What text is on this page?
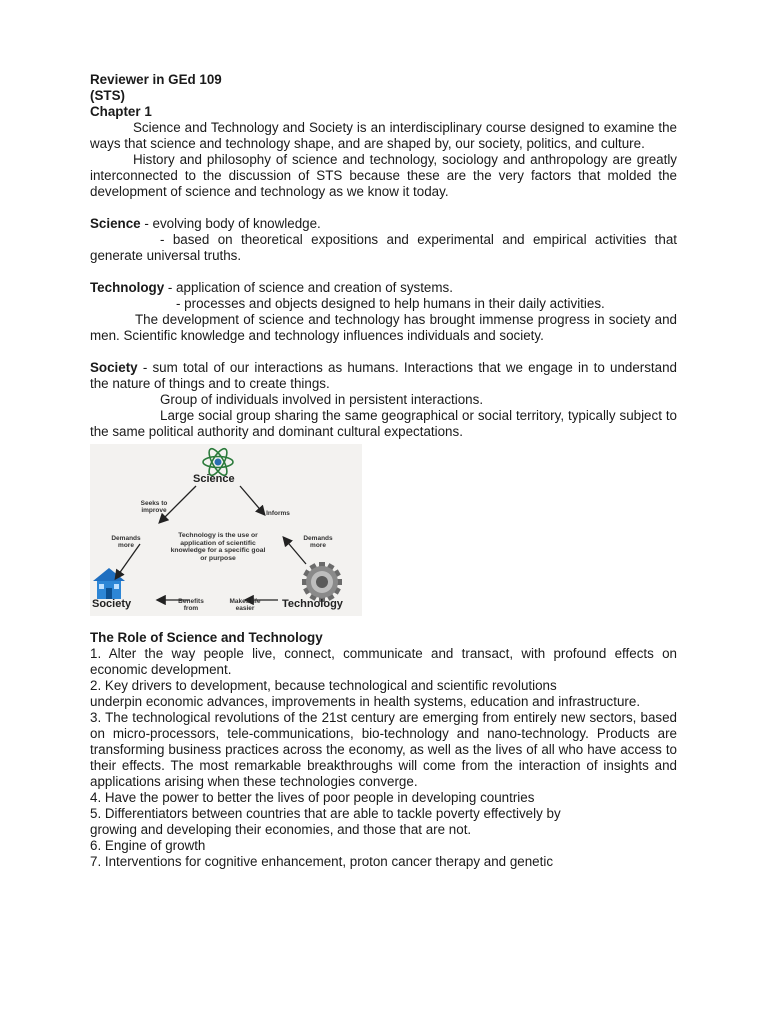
Reviewer in GEd 109

(STS)

Chapter 1

Science and Technology and Society is an interdisciplinary course designed to examine the ways that science and technology shape, and are shaped by, our society, politics, and culture.

History and philosophy of science and technology, sociology and anthropology are greatly interconnected to the discussion of STS because these are the very factors that molded the development of science and technology as we know it today.

Science - evolving body of knowledge.

- based on theoretical expositions and experimental and empirical activities that generate universal truths.

Technology - application of science and creation of systems.

- processes and objects designed to help humans in their daily activities.

The development of science and technology has brought immense progress in society and men. Scientific knowledge and technology influences individuals and society.

Society - sum total of our interactions as humans. Interactions that we engage in to understand the nature of things and to create things.

Group of individuals involved in persistent interactions.

Large social group sharing the same geographical or social territory, typically subject to the same political authority and dominant cultural expectations.

Science
Society	Technology
Seeks to improve	Informs
Demands more
Demands more
Technology is the use or application of scientific knowledge for a specific goal or purpose
Benefits from
Makes life easier

The Role of Science and Technology

1. Alter the way people live, connect, communicate and transact, with profound effects on economic development.

2. Key drivers to development, because technological and scientific revolutions

underpin economic advances, improvements in health systems, education and infrastructure.

3. The technological revolutions of the 21st century are emerging from entirely new sectors, based on micro-processors, tele-communications, bio-technology and nano-technology. Products are transforming business practices across the economy, as well as the lives of all who have access to their effects. The most remarkable breakthroughs will come from the interaction of insights and applications arising when these technologies converge.

4. Have the power to better the lives of poor people in developing countries

5. Differentiators between countries that are able to tackle poverty effectively by

growing and developing their economies, and those that are not.

6. Engine of growth

7. Interventions for cognitive enhancement, proton cancer therapy and genetic
